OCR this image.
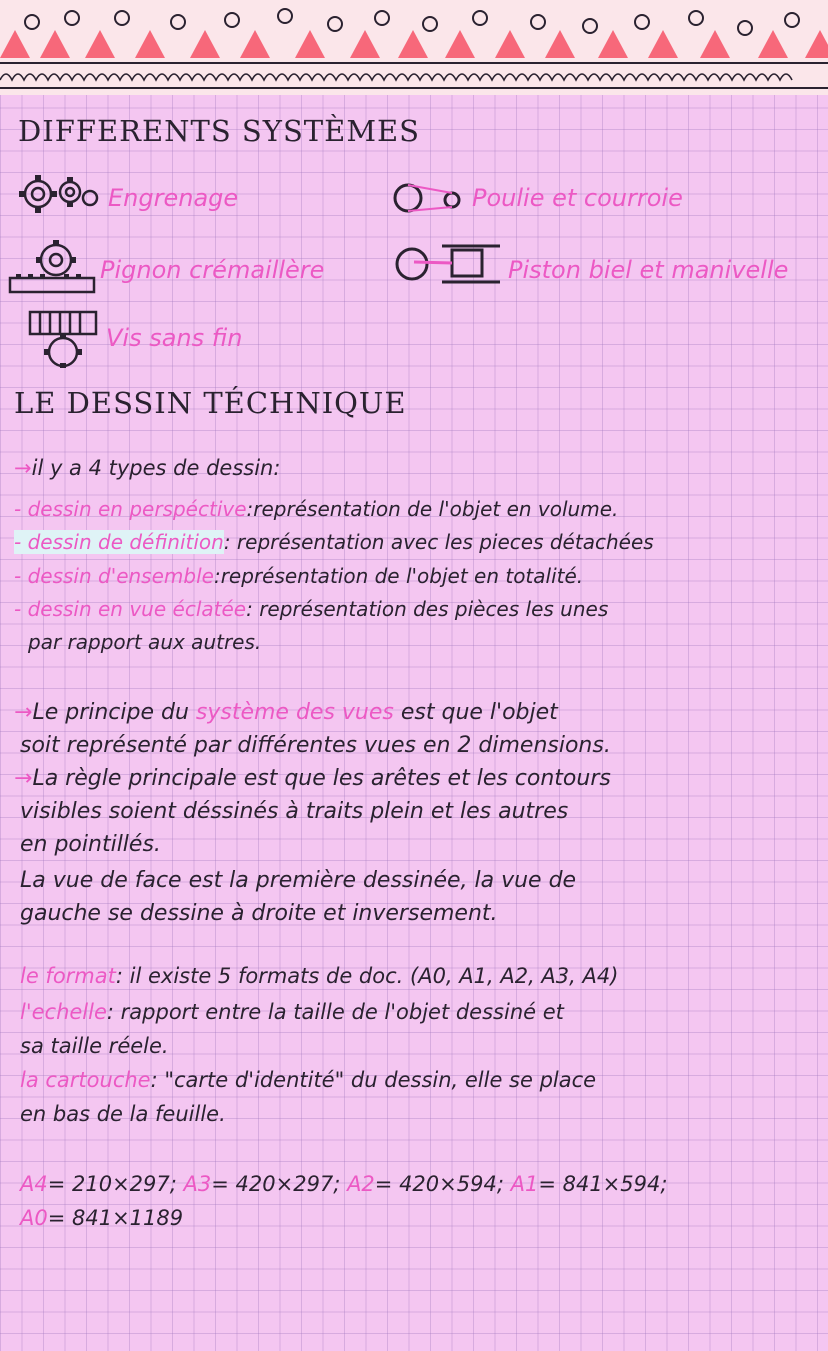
DIFFERENTS SYSTÈMES
Engrenage	Poulie et courroie
Pignon crémaillère	Piston biel et manivelle
Vis sans fin
LE DESSIN TÉCHNIQUE
→il y a 4 types de dessin:
- dessin en perspéctive:représentation de l'objet en volume.
- dessin de définition: représentation avec les pieces détachées
- dessin d'ensemble:représentation de l'objet en totalité.
- dessin en vue éclatée: représentation des pièces les unes
par rapport aux autres.
→Le principe du système des vues est que l'objet
soit représenté par différentes vues en 2 dimensions.
→La règle principale est que les arêtes et les contours
visibles soient déssinés à traits plein et les autres
en pointillés.
La vue de face est la première dessinée, la vue de
gauche se dessine à droite et inversement.
le format: il existe 5 formats de doc. (A0, A1, A2, A3, A4)
l'echelle: rapport entre la taille de l'objet dessiné et
sa taille réele.
la cartouche: "carte d'identité" du dessin, elle se place
en bas de la feuille.
A4= 210×297; A3= 420×297; A2= 420×594; A1= 841×594;
A0= 841×1189
